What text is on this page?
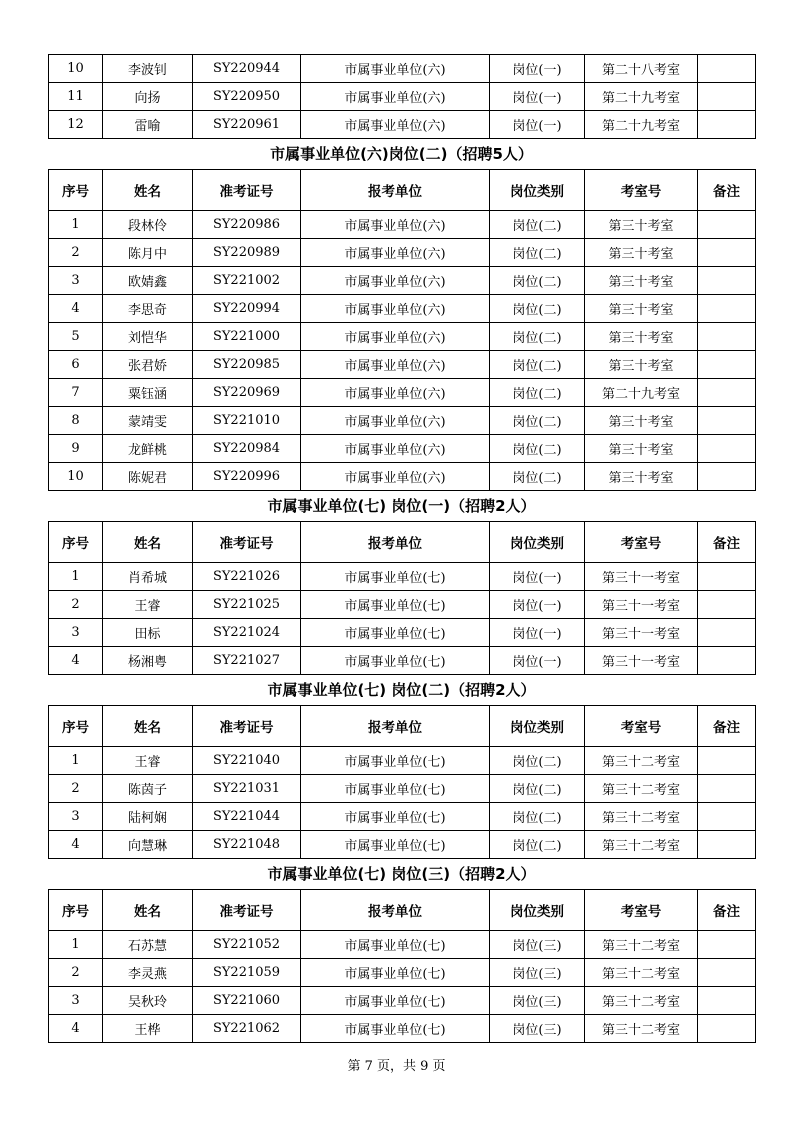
10	李波钊	SY220944	市属事业单位(六)	岗位(一)	第二十八考室	
11	向扬	SY220950	市属事业单位(六)	岗位(一)	第二十九考室	
12	雷喻	SY220961	市属事业单位(六)	岗位(一)	第二十九考室	
市属事业单位(六)岗位(二)（招聘5人）
序号	姓名	准考证号	报考单位	岗位类别	考室号	备注
1	段林伶	SY220986	市属事业单位(六)	岗位(二)	第三十考室	
2	陈月中	SY220989	市属事业单位(六)	岗位(二)	第三十考室	
3	欧婧鑫	SY221002	市属事业单位(六)	岗位(二)	第三十考室	
4	李思奇	SY220994	市属事业单位(六)	岗位(二)	第三十考室	
5	刘恺华	SY221000	市属事业单位(六)	岗位(二)	第三十考室	
6	张君娇	SY220985	市属事业单位(六)	岗位(二)	第三十考室	
7	粟钰涵	SY220969	市属事业单位(六)	岗位(二)	第二十九考室	
8	蒙靖雯	SY221010	市属事业单位(六)	岗位(二)	第三十考室	
9	龙鲜桃	SY220984	市属事业单位(六)	岗位(二)	第三十考室	
10	陈妮君	SY220996	市属事业单位(六)	岗位(二)	第三十考室	
市属事业单位(七) 岗位(一)（招聘2人）
序号	姓名	准考证号	报考单位	岗位类别	考室号	备注
1	肖希城	SY221026	市属事业单位(七)	岗位(一)	第三十一考室	
2	王睿	SY221025	市属事业单位(七)	岗位(一)	第三十一考室	
3	田标	SY221024	市属事业单位(七)	岗位(一)	第三十一考室	
4	杨湘粤	SY221027	市属事业单位(七)	岗位(一)	第三十一考室	
市属事业单位(七) 岗位(二)（招聘2人）
序号	姓名	准考证号	报考单位	岗位类别	考室号	备注
1	王睿	SY221040	市属事业单位(七)	岗位(二)	第三十二考室	
2	陈茵子	SY221031	市属事业单位(七)	岗位(二)	第三十二考室	
3	陆柯娴	SY221044	市属事业单位(七)	岗位(二)	第三十二考室	
4	向慧琳	SY221048	市属事业单位(七)	岗位(二)	第三十二考室	
市属事业单位(七) 岗位(三)（招聘2人）
序号	姓名	准考证号	报考单位	岗位类别	考室号	备注
1	石苏慧	SY221052	市属事业单位(七)	岗位(三)	第三十二考室	
2	李灵燕	SY221059	市属事业单位(七)	岗位(三)	第三十二考室	
3	吴秋玲	SY221060	市属事业单位(七)	岗位(三)	第三十二考室	
4	王桦	SY221062	市属事业单位(七)	岗位(三)	第三十二考室	
第 7 页，共 9 页
